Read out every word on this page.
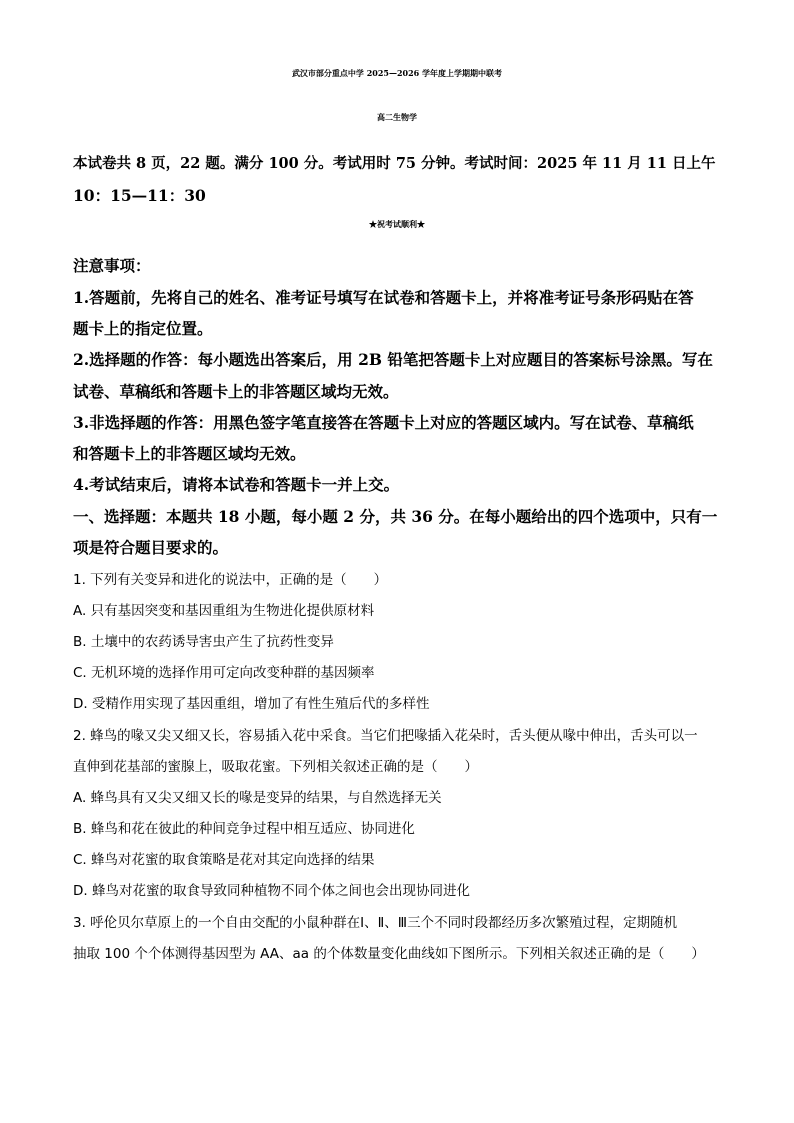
武汉市部分重点中学 2025—2026 学年度上学期期中联考
高二生物学
本试卷共 8 页，22 题。满分 100 分。考试用时 75 分钟。考试时间：2025 年 11 月 11 日上午
10：15—11：30
★祝考试顺利★
注意事项：
1.答题前，先将自己的姓名、准考证号填写在试卷和答题卡上，并将准考证号条形码贴在答
题卡上的指定位置。
2.选择题的作答：每小题选出答案后，用 2B 铅笔把答题卡上对应题目的答案标号涂黑。写在
试卷、草稿纸和答题卡上的非答题区域均无效。
3.非选择题的作答：用黑色签字笔直接答在答题卡上对应的答题区域内。写在试卷、草稿纸
和答题卡上的非答题区域均无效。
4.考试结束后，请将本试卷和答题卡一并上交。
一、选择题：本题共 18 小题，每小题 2 分，共 36 分。在每小题给出的四个选项中，只有一
项是符合题目要求的。
1. 下列有关变异和进化的说法中，正确的是（　　）
A. 只有基因突变和基因重组为生物进化提供原材料
B. 土壤中的农药诱导害虫产生了抗药性变异
C. 无机环境的选择作用可定向改变种群的基因频率
D. 受精作用实现了基因重组，增加了有性生殖后代的多样性
2. 蜂鸟的喙又尖又细又长，容易插入花中采食。当它们把喙插入花朵时，舌头便从喙中伸出，舌头可以一
直伸到花基部的蜜腺上，吸取花蜜。下列相关叙述正确的是（　　）
A. 蜂鸟具有又尖又细又长的喙是变异的结果，与自然选择无关
B. 蜂鸟和花在彼此的种间竞争过程中相互适应、协同进化
C. 蜂鸟对花蜜的取食策略是花对其定向选择的结果
D. 蜂鸟对花蜜的取食导致同种植物不同个体之间也会出现协同进化
3. 呼伦贝尔草原上的一个自由交配的小鼠种群在Ⅰ、Ⅱ、Ⅲ三个不同时段都经历多次繁殖过程，定期随机
抽取 100 个个体测得基因型为 AA、aa 的个体数量变化曲线如下图所示。下列相关叙述正确的是（　　）
